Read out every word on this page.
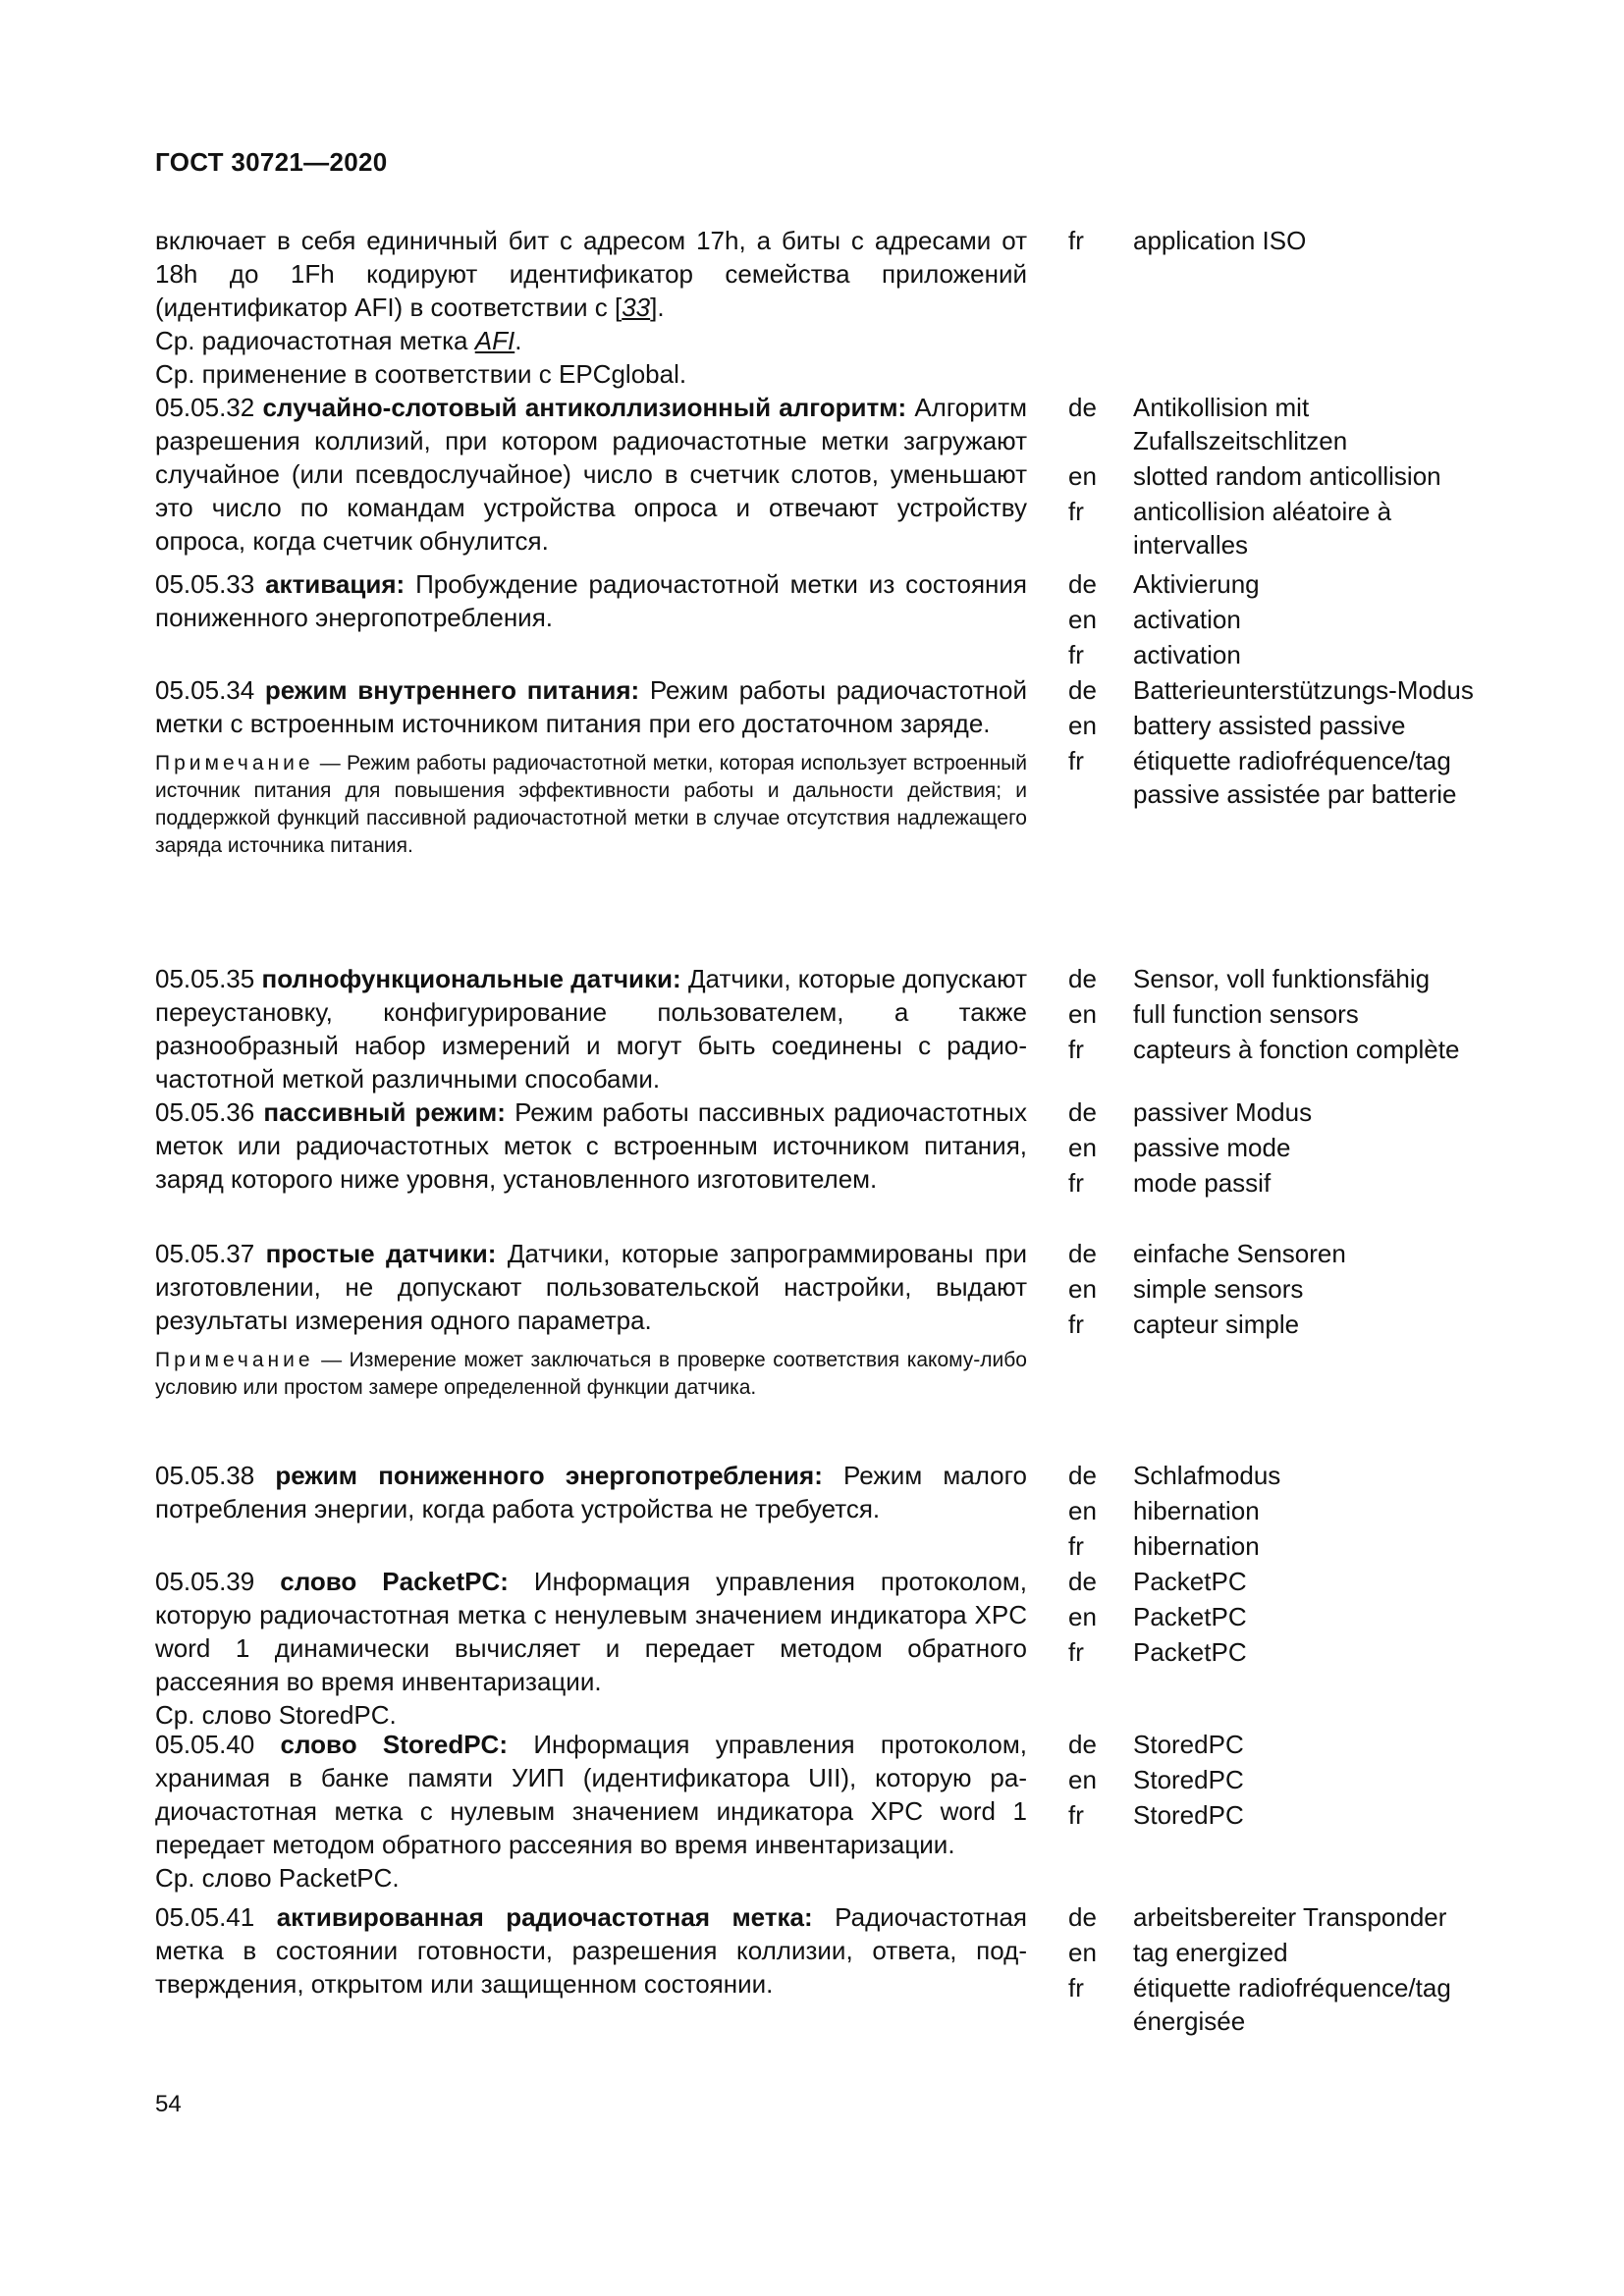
ГОСТ 30721—2020

включает в себя единичный бит с адресом 17h, а биты с адресами от 18h до 1Fh кодируют идентификатор семейства приложений (идентификатор AFI) в соответствии с [33].

Ср. радиочастотная метка AFI.

Ср. применение в соответствии с EPCglobal.

fr	application ISO

05.05.32 случайно-слотовый антиколлизионный алгоритм: Алгоритм разрешения коллизий, при котором радиочастотные метки загружают случайное (или псевдослучайное) число в счетчик слотов, уменьшают это число по командам устройства опроса и отвечают устройству опроса, когда счетчик обнулится.

de	Antikollision mit Zufallszeitschlitzen
en	slotted random anticollision
fr	anticollision aléatoire à intervalles

05.05.33 активация: Пробуждение радиочастотной метки из состояния пониженного энергопотребления.

de	Aktivierung
en	activation
fr	activation

05.05.34 режим внутреннего питания: Режим работы радиочастотной метки с встроенным источником питания при его достаточном заряде.

Примечание — Режим работы радиочастотной метки, которая использует встроенный источник питания для повышения эффективности работы и дальности действия; и поддержкой функций пассивной радиочастотной метки в случае отсутствия надлежащего заряда источника питания.

de	Batterieunterstützungs-Modus
en	battery assisted passive
fr	étiquette radiofréquence/tag passive assistée par batterie

05.05.35 полнофункциональные датчики: Датчики, которые допускают переустановку, конфигурирование пользователем, а также разнообразный набор измерений и могут быть соединены с радиочастотной меткой различными способами.

de	Sensor, voll funktionsfähig
en	full function sensors
fr	capteurs à fonction complète

05.05.36 пассивный режим: Режим работы пассивных радиочастотных меток или радиочастотных меток с встроенным источником питания, заряд которого ниже уровня, установленного изготовителем.

de	passiver Modus
en	passive mode
fr	mode passif

05.05.37 простые датчики: Датчики, которые запрограммированы при изготовлении, не допускают пользовательской настройки, выдают результаты измерения одного параметра.

Примечание — Измерение может заключаться в проверке соответствия какому-либо условию или простом замере определенной функции датчика.

de	einfache Sensoren
en	simple sensors
fr	capteur simple

05.05.38 режим пониженного энергопотребления: Режим малого потребления энергии, когда работа устройства не требуется.

de	Schlafmodus
en	hibernation
fr	hibernation

05.05.39 слово PacketPC: Информация управления протоколом, которую радиочастотная метка с ненулевым значением индикатора XPC word 1 динамически вычисляет и передает методом обратного рассеяния во время инвентаризации.

Ср. слово StoredPC.

de	PacketPC
en	PacketPC
fr	PacketPC

05.05.40 слово StoredPC: Информация управления протоколом, хранимая в банке памяти УИП (идентификатора UII), которую радиочастотная метка с нулевым значением индикатора XPC word 1 передает методом обратного рассеяния во время инвентаризации.

Ср. слово PacketPC.

de	StoredPC
en	StoredPC
fr	StoredPC

05.05.41 активированная радиочастотная метка: Радиочастотная метка в состоянии готовности, разрешения коллизии, ответа, подтверждения, открытом или защищенном состоянии.

de	arbeitsbereiter Transponder
en	tag energized
fr	étiquette radiofréquence/tag énergisée
54
